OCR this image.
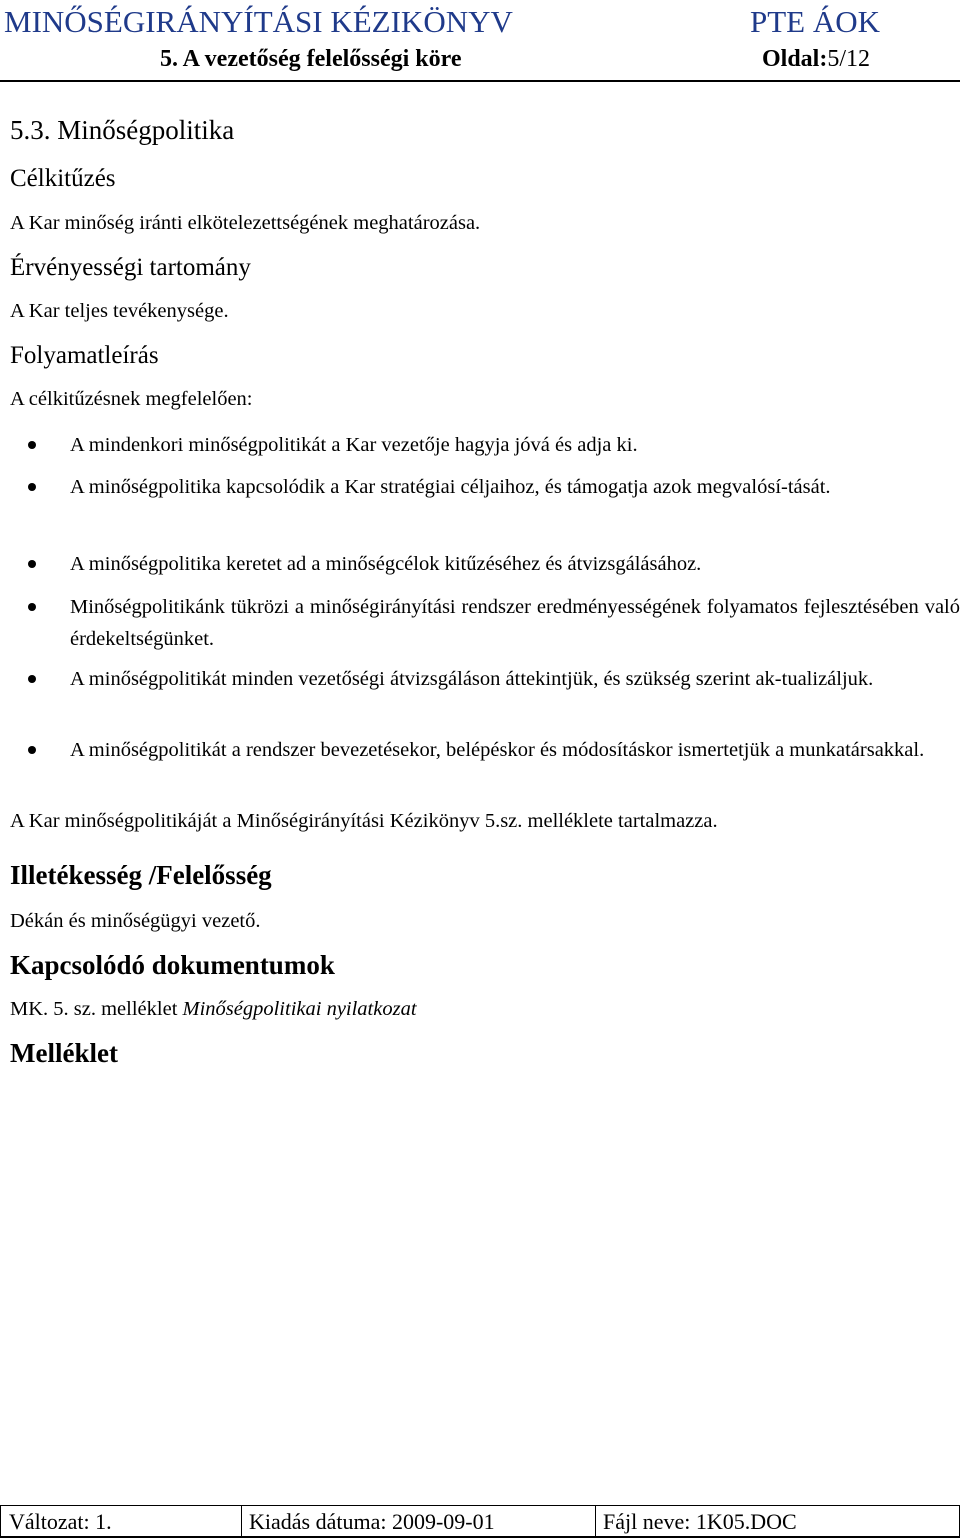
MINŐSÉGIRÁNYÍTÁSI KÉZIKÖNYV	PTE ÁOK
5. A vezetőség felelősségi köre	Oldal:5/12
5.3. Minőségpolitika
Célkitűzés
A Kar minőség iránti elkötelezettségének meghatározása.
Érvényességi tartomány
A Kar teljes tevékenysége.
Folyamatleírás
A célkitűzésnek megfelelően:
A mindenkori minőségpolitikát a Kar vezetője hagyja jóvá és adja ki.
A minőségpolitika kapcsolódik a Kar stratégiai céljaihoz, és támogatja azok megvalósí-tását.
A minőségpolitika keretet ad a minőségcélok kitűzéséhez és átvizsgálásához.
Minőségpolitikánk tükrözi a minőségirányítási rendszer eredményességének folyamatos fejlesztésében való érdekeltségünket.
A minőségpolitikát minden vezetőségi átvizsgáláson áttekintjük, és szükség szerint ak-tualizáljuk.
A minőségpolitikát a rendszer bevezetésekor, belépéskor és módosításkor ismertetjük a munkatársakkal.
A Kar minőségpolitikáját a Minőségirányítási Kézikönyv 5.sz. melléklete tartalmazza.
Illetékesség /Felelősség
Dékán és minőségügyi vezető.
Kapcsolódó dokumentumok
MK. 5. sz. melléklet Minőségpolitikai nyilatkozat
Melléklet
Változat: 1.	Kiadás dátuma: 2009-09-01	Fájl neve: 1K05.DOC
